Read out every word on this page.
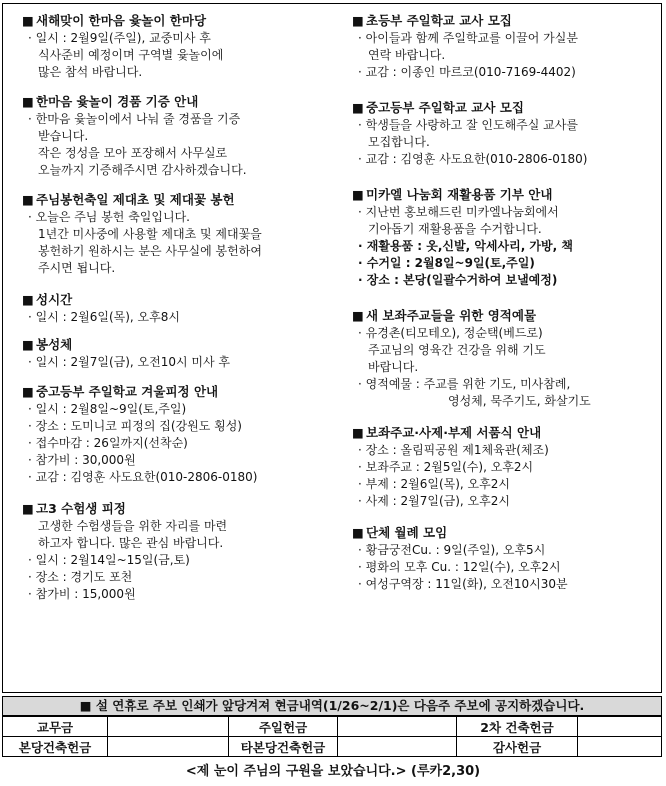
■ 새해맞이 한마음 윷놀이 한마당
· 일시 : 2월9일(주일), 교중미사 후
식사준비 예정이며 구역별 윷놀이에
많은 참석 바랍니다.
■ 한마음 윷놀이 경품 기증 안내
· 한마음 윷놀이에서 나눠 줄 경품을 기증
받습니다.
작은 정성을 모아 포장해서 사무실로
오늘까지 기증해주시면 감사하겠습니다.
■ 주님봉헌축일 제대초 및 제대꽃 봉헌
· 오늘은 주님 봉헌 축일입니다.
1년간 미사중에 사용할 제대초 및 제대꽃을
봉헌하기 원하시는 분은 사무실에 봉헌하여
주시면 됩니다.
■ 성시간
· 일시 : 2월6일(목), 오후8시
■ 봉성체
· 일시 : 2월7일(금), 오전10시 미사 후
■ 중고등부 주일학교 겨울피정 안내
· 일시 : 2월8일~9일(토,주일)
· 장소 : 도미니코 피정의 집(강원도 횡성)
· 접수마감 : 26일까지(선착순)
· 참가비 : 30,000원
· 교감 : 김영훈 사도요한(010-2806-0180)
■ 고3 수험생 피정
고생한 수험생들을 위한 자리를 마련
하고자 합니다. 많은 관심 바랍니다.
· 일시 : 2월14일~15일(금,토)
· 장소 : 경기도 포천
· 참가비 : 15,000원
■ 초등부 주일학교 교사 모집
· 아이들과 함께 주일학교를 이끌어 가실분
연락 바랍니다.
· 교감 : 이종인 마르코(010-7169-4402)
■ 중고등부 주일학교 교사 모집
· 학생들을 사랑하고 잘 인도해주실 교사를
모집합니다.
· 교감 : 김영훈 사도요한(010-2806-0180)
■ 미카엘 나눔회 재활용품 기부 안내
· 지난번 홍보해드린 미카엘나눔회에서
기아돕기 재활용품을 수거합니다.
· 재활용품 : 옷,신발, 악세사리, 가방, 책
· 수거일 : 2월8일~9일(토,주일)
· 장소 : 본당(일괄수거하여 보낼예정)
■ 새 보좌주교들을 위한 영적예물
· 유경촌(티모테오), 정순택(베드로)
주교님의 영육간 건강을 위해 기도
바랍니다.
· 영적예물 : 주교를 위한 기도, 미사참례,
영성체, 묵주기도, 화살기도
■ 보좌주교·사제·부제 서품식 안내
· 장소 : 올림픽공원 제1체육관(체조)
· 보좌주교 : 2월5일(수), 오후2시
· 부제 : 2월6일(목), 오후2시
· 사제 : 2월7일(금), 오후2시
■ 단체 월례 모임
· 황금궁전Cu. : 9일(주일), 오후5시
· 평화의 모후 Cu. : 12일(수), 오후2시
· 여성구역장 : 11일(화), 오전10시30분
■ 설 연휴로 주보 인쇄가 앞당겨져 현금내역(1/26~2/1)은 다음주 주보에 공지하겠습니다.
교무금		주일헌금		2차 건축헌금	
본당건축헌금		타본당건축헌금		감사헌금	
<제 눈이 주님의 구원을 보았습니다.> (루카2,30)
